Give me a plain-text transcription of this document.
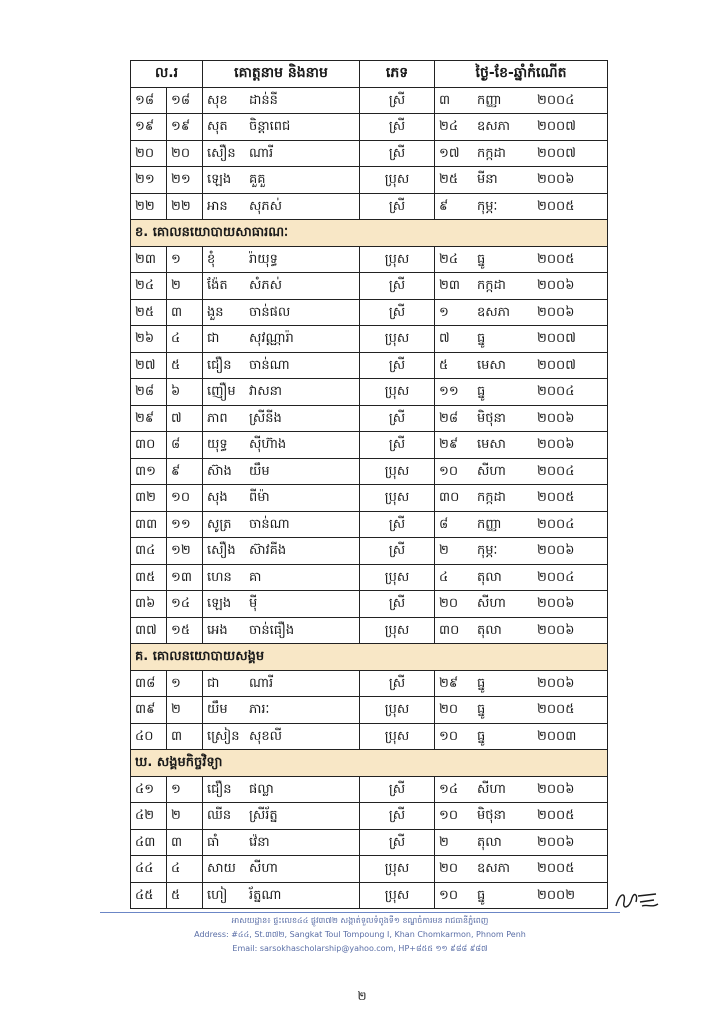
ល.រ		គោត្តនាម និងនាម	ភេទ	ថ្ងៃ-ខែ-ឆ្នាំកំណើត
១៨	១៨	សុខ ដាន់នី	ស្រី	៣ កញ្ញា ២០០៤
១៩	១៩	សុត ចិន្តាពេជ	ស្រី	២៤ ឧសភា ២០០៧
២០	២០	សឿន ណារី	ស្រី	១៧ កក្កដា ២០០៧
២១	២១	ឡេង គួគួ	ប្រុស	២៥ មីនា ២០០៦
២២	២២	អាន សុភស់	ស្រី	៩ កុម្ភៈ ២០០៥
ខ. គោលនយោបាយសាធារណៈ				
២៣	១	ខុំ រ៉ាយុទ្ធ	ប្រុស	២៤ ធ្នូ ២០០៥
២៤	២	ង៉ែត សំភស់	ស្រី	២៣ កក្កដា ២០០៦
២៥	៣	ងួន ចាន់ផល	ស្រី	១ ឧសភា ២០០៦
២៦	៤	ជា សុវណ្ណារ៉ា	ប្រុស	៧ ធ្នូ ២០០៧
២៧	៥	ជឿន ចាន់ណា	ស្រី	៥ មេសា ២០០៧
២៨	៦	ញឿម វាសនា	ប្រុស	១១ ធ្នូ ២០០៤
២៩	៧	ភាព ស្រីនីង	ស្រី	២៨ មិថុនា ២០០៦
៣០	៨	យុទ្ធ ស៊ីហ៊ាង	ស្រី	២៩ មេសា ២០០៦
៣១	៩	ស៊ាង យឹម	ប្រុស	១០ សីហា ២០០៤
៣២	១០	សុង ពីម៉ា	ប្រុស	៣០ កក្កដា ២០០៥
៣៣	១១	សូត្រ ចាន់ណា	ស្រី	៨ កញ្ញា ២០០៤
៣៤	១២	សឿង ស៊ាវគីង	ស្រី	២ កុម្ភៈ ២០០៦
៣៥	១៣	ហេន គា	ប្រុស	៤ តុលា ២០០៤
៣៦	១៤	ឡេង ម៉ី	ស្រី	២០ សីហា ២០០៦
៣៧	១៥	អេង ចាន់ធឿង	ប្រុស	៣០ តុលា ២០០៦
គ. គោលនយោបាយសង្គម				
៣៨	១	ជា ណារី	ស្រី	២៩ ធ្នូ ២០០៦
៣៩	២	យឹម ភារៈ	ប្រុស	២០ ធ្នូ ២០០៥
៤០	៣	ស្រៀន សុខលី	ប្រុស	១០ ធ្នូ ២០០៣
ឃ. សង្គមកិច្ចវិទ្យា				
៤១	១	ជឿន ផល្លា	ស្រី	១៤ សីហា ២០០៦
៤២	២	ឈីន ស្រីរ័ត្ន	ស្រី	១០ មិថុនា ២០០៥
៤៣	៣	ធាំ វ៉េនា	ស្រី	២ តុលា ២០០៦
៤៤	៤	សាយ សីហា	ប្រុស	២០ ឧសភា ២០០៥
៤៥	៥	ហៀ រ័ត្នណា	ប្រុស	១០ ធ្នូ ២០០២
អាសយដ្ឋាន៖ ផ្ទះលេខ៤៤ ផ្លូវ៣៧២ សង្កាត់ទួលទំពូងទី១ ខណ្ឌចំការមន រាជធានីភ្នំពេញ
Address: #៤៤, St.៣៧២, Sangkat Toul Tompoung I, Khan Chomkarmon, Phnom Penh
Email: sarsokhascholarship@yahoo.com, HP+៨៥៥ ១១ ៩៨៨ ៩៨៧
២
